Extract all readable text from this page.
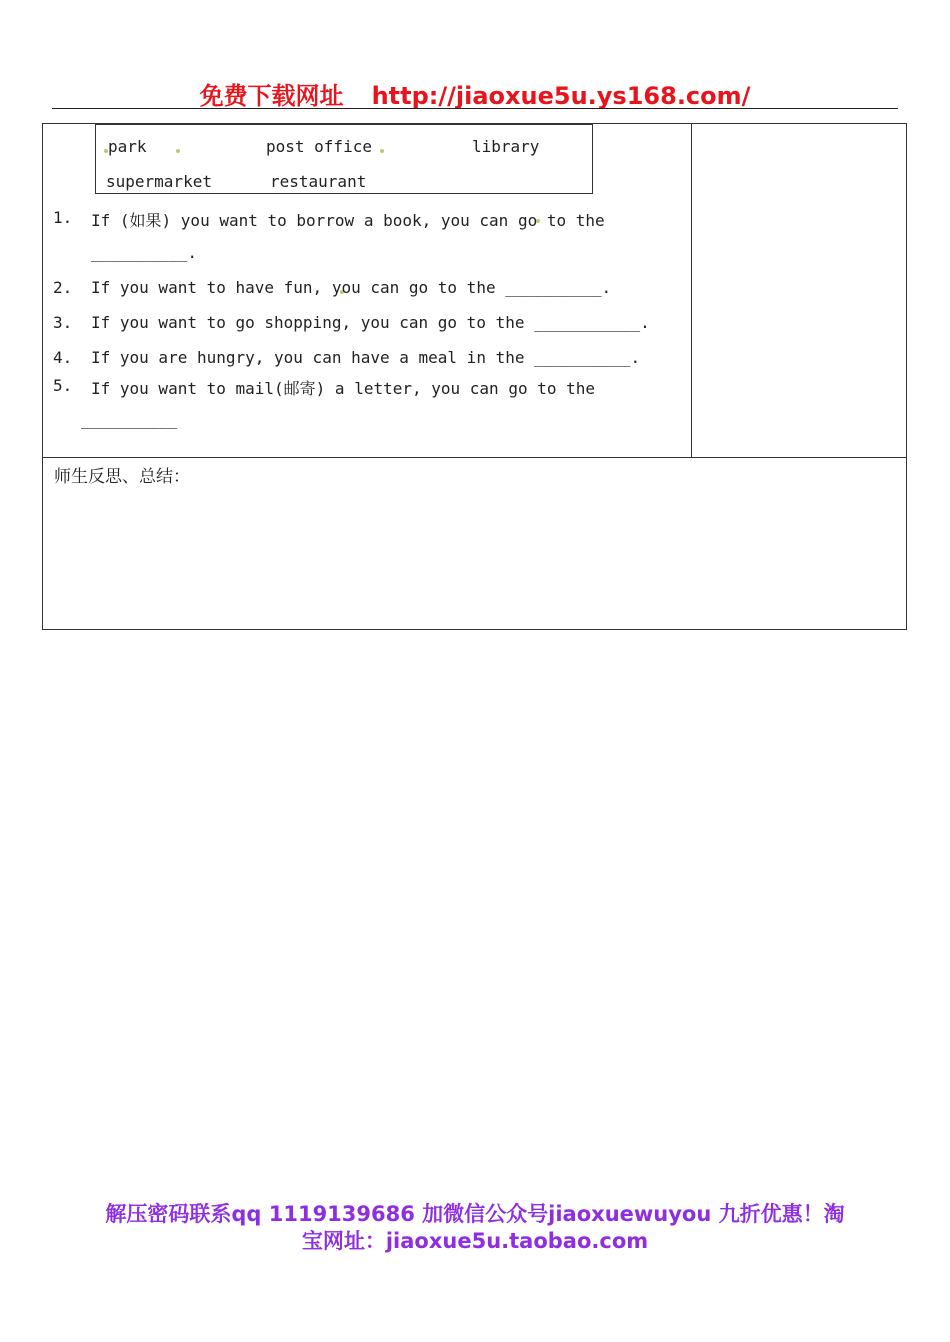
免费下载网址 http://jiaoxue5u.ys168.com/
park	post office	library
supermarket	restaurant
1. If (如果) you want to borrow a book, you can go to the
__________.
2. If you want to have fun, you can go to the __________.
3. If you want to go shopping, you can go to the ___________.
4. If you are hungry, you can have a meal in the __________.
5. If you want to mail(邮寄) a letter, you can go to the
__________
师生反思、总结：
解压密码联系qq 1119139686 加微信公众号jiaoxuewuyou 九折优惠！淘
宝网址：jiaoxue5u.taobao.com
